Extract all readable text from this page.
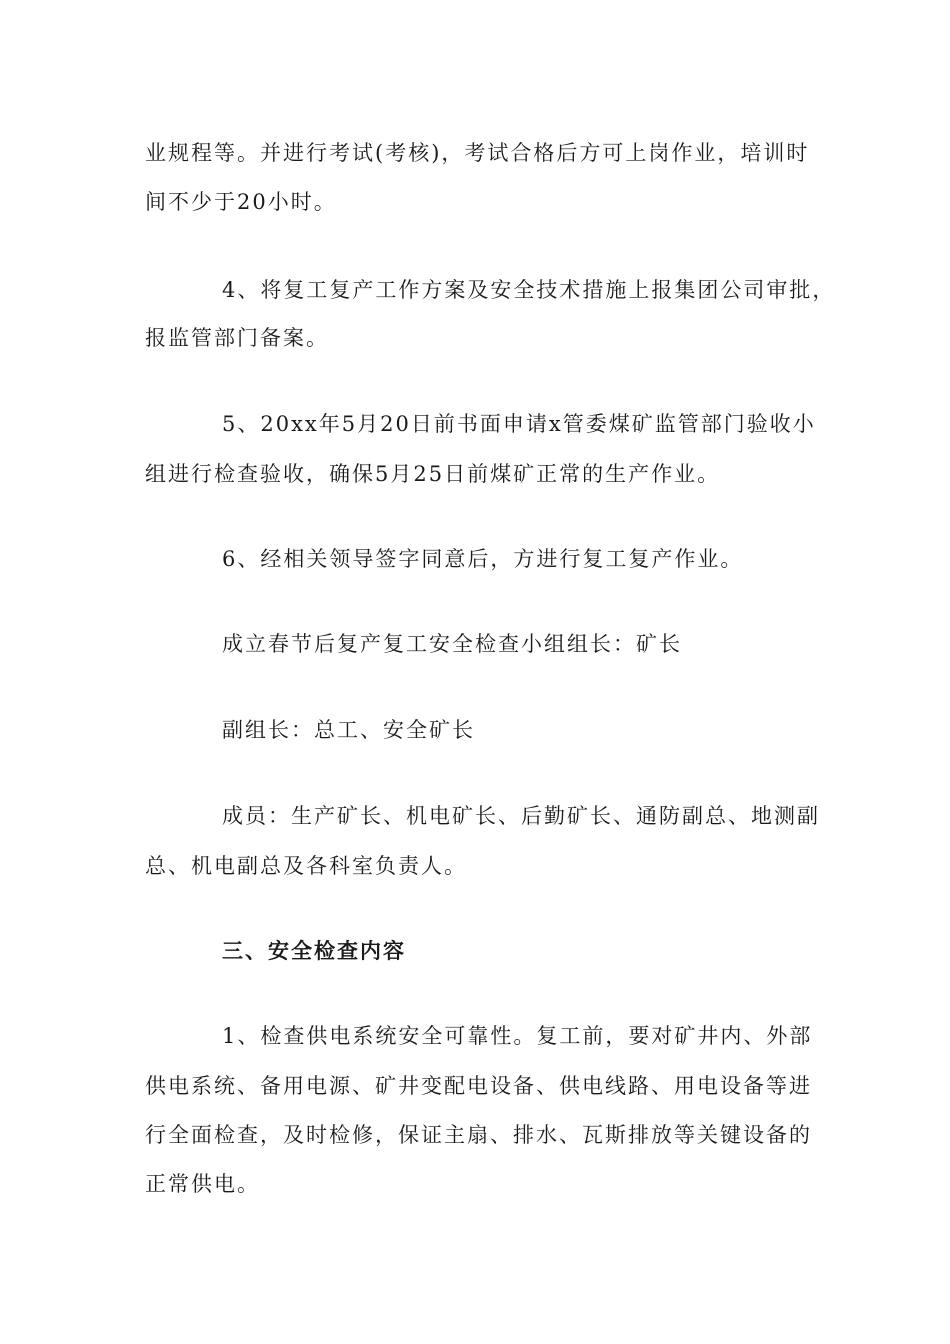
业规程等。并进行考试(考核)，考试合格后方可上岗作业，培训时
间不少于20小时。
4、将复工复产工作方案及安全技术措施上报集团公司审批，
报监管部门备案。
5、20xx年5月20日前书面申请x管委煤矿监管部门验收小
组进行检查验收，确保5月25日前煤矿正常的生产作业。
6、经相关领导签字同意后，方进行复工复产作业。
成立春节后复产复工安全检查小组组长：矿长
副组长：总工、安全矿长
成员：生产矿长、机电矿长、后勤矿长、通防副总、地测副
总、机电副总及各科室负责人。
三、安全检查内容
1、检查供电系统安全可靠性。复工前，要对矿井内、外部
供电系统、备用电源、矿井变配电设备、供电线路、用电设备等进
行全面检查，及时检修，保证主扇、排水、瓦斯排放等关键设备的
正常供电。
